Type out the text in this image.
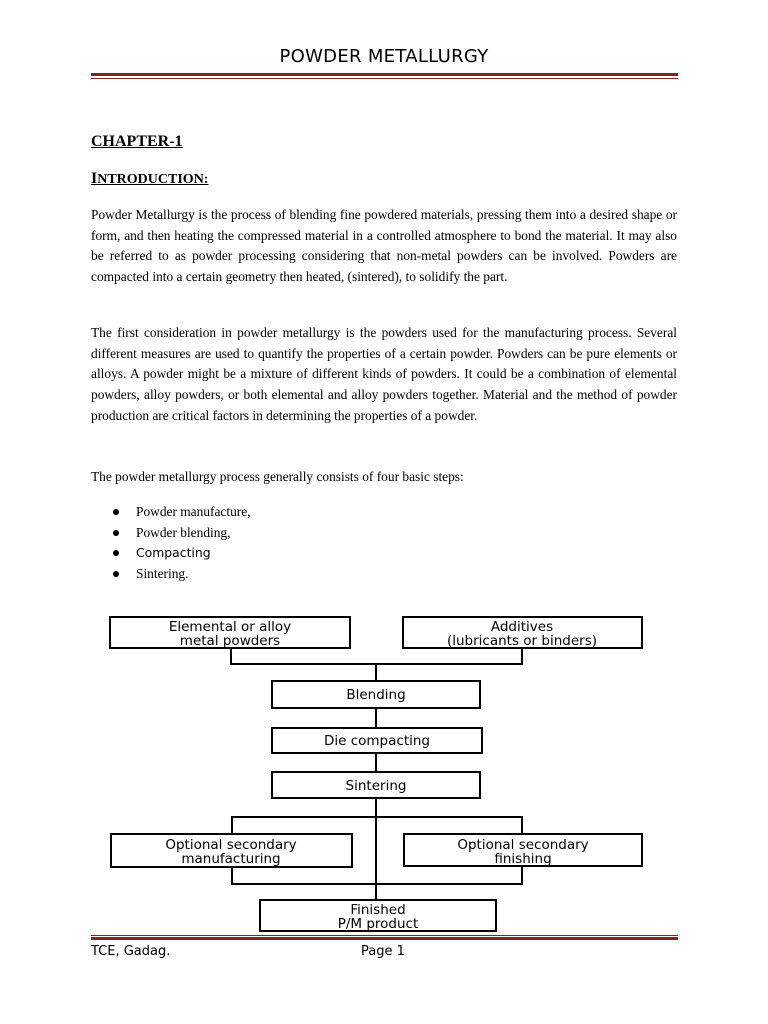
POWDER METALLURGY
CHAPTER-1
INTRODUCTION:

Powder Metallurgy is the process of blending fine powdered materials, pressing them into a desired shape or form, and then heating the compressed material in a controlled atmosphere to bond the material. It may also be referred to as powder processing considering that non-metal powders can be involved. Powders are compacted into a certain geometry then heated, (sintered), to solidify the part.

The first consideration in powder metallurgy is the powders used for the manufacturing process. Several different measures are used to quantify the properties of a certain powder. Powders can be pure elements or alloys. A powder might be a mixture of different kinds of powders. It could be a combination of elemental powders, alloy powders, or both elemental and alloy powders together. Material and the method of powder production are critical factors in determining the properties of a powder.

The powder metallurgy process generally consists of four basic steps:

Powder manufacture,
Powder blending,
Compacting
Sintering.
Elemental or alloy
metal powders
Additives
(lubricants or binders)
Blending
Die compacting
Sintering
Optional secondary
manufacturing
Optional secondary
finishing
Finished
P/M product
TCE, Gadag.	Page 1
